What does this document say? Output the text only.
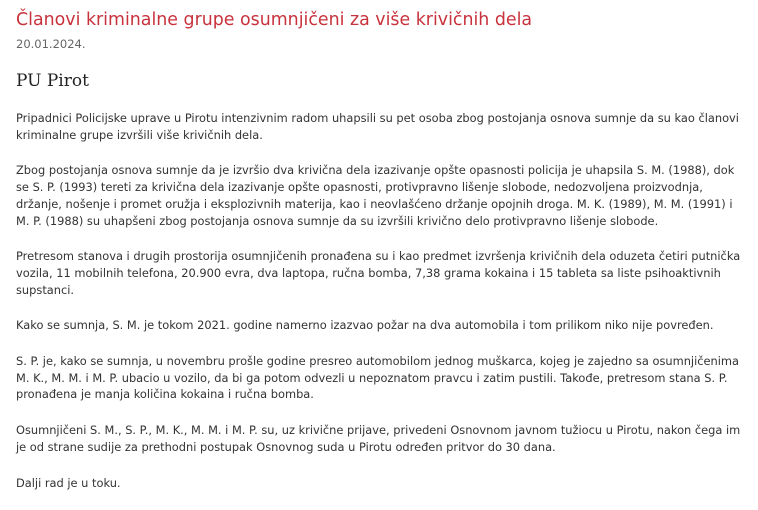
Članovi kriminalne grupe osumnjičeni za više krivičnih dela
20.01.2024.
PU Pirot

Pripadnici Policijske uprave u Pirotu intenzivnim radom uhapsili su pet osoba zbog postojanja osnova sumnje da su kao članovi kriminalne grupe izvršili više krivičnih dela.

Zbog postojanja osnova sumnje da je izvršio dva krivična dela izazivanje opšte opasnosti policija je uhapsila S. M. (1988), dok se S. P. (1993) tereti za krivična dela izazivanje opšte opasnosti, protivpravno lišenje slobode, nedozvoljena proizvodnja, držanje, nošenje i promet oružja i eksplozivnih materija, kao i neovlašćeno držanje opojnih droga. M. K. (1989), M. M. (1991) i M. P. (1988) su uhapšeni zbog postojanja osnova sumnje da su izvršili krivično delo protivpravno lišenje slobode.

Pretresom stanova i drugih prostorija osumnjičenih pronađena su i kao predmet izvršenja krivičnih dela oduzeta četiri putnička vozila, 11 mobilnih telefona, 20.900 evra, dva laptopa, ručna bomba, 7,38 grama kokaina i 15 tableta sa liste psihoaktivnih supstanci.

Kako se sumnja, S. M. je tokom 2021. godine namerno izazvao požar na dva automobila i tom prilikom niko nije povređen.

S. P. je, kako se sumnja, u novembru prošle godine presreo automobilom jednog muškarca, kojeg je zajedno sa osumnjičenima M. K., M. M. i M. P. ubacio u vozilo, da bi ga potom odvezli u nepoznatom pravcu i zatim pustili. Takođe, pretresom stana S. P. pronađena je manja količina kokaina i ručna bomba.

Osumnjičeni S. M., S. P., M. K., M. M. i M. P. su, uz krivične prijave, privedeni Osnovnom javnom tužiocu u Pirotu, nakon čega im je od strane sudije za prethodni postupak Osnovnog suda u Pirotu određen pritvor do 30 dana.

Dalji rad je u toku.
